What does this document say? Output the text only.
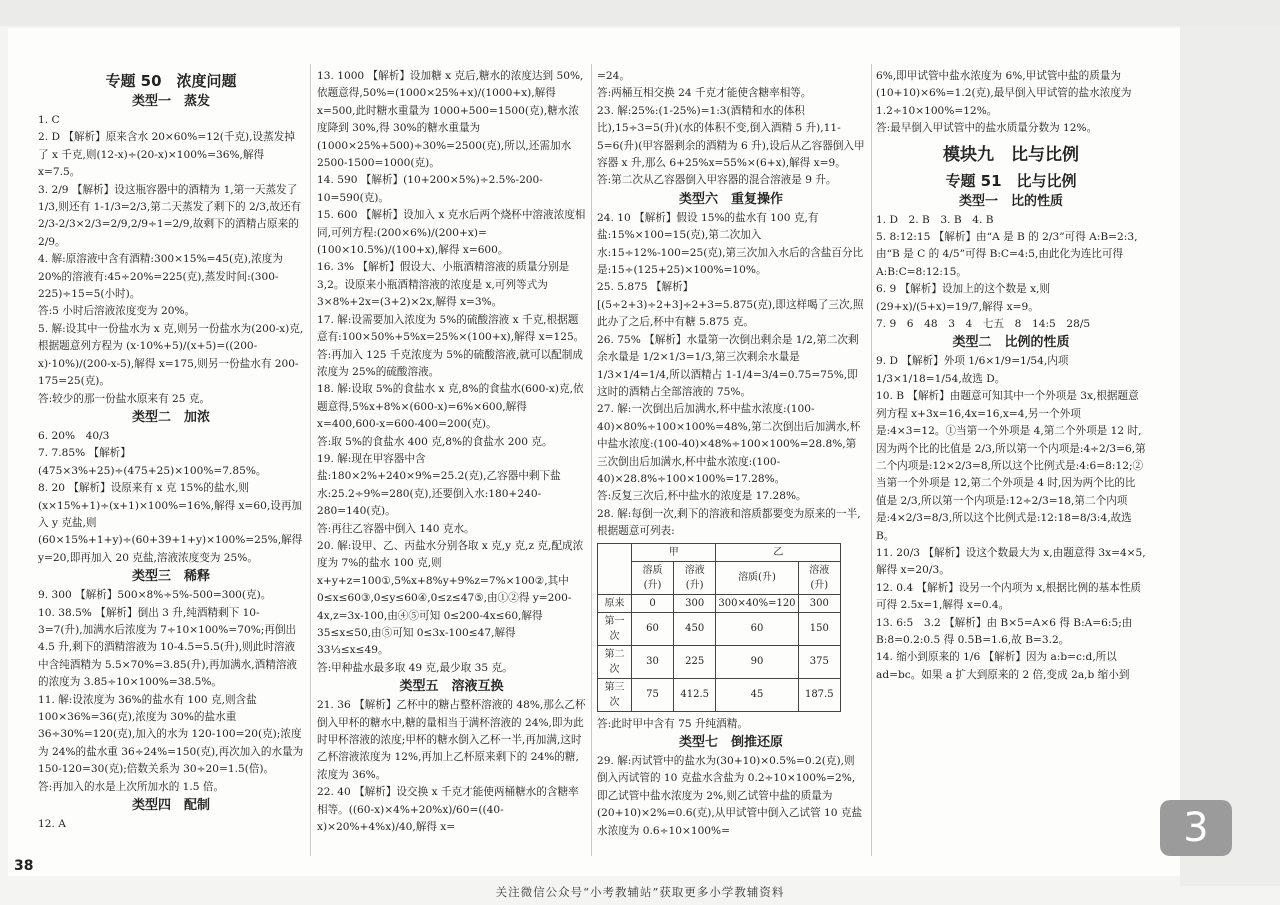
专题 50　浓度问题
类型一　蒸发

1. C

2. D 【解析】原来含水 20×60%=12(千克),设蒸发掉了 x 千克,则(12-x)÷(20-x)×100%=36%,解得 x=7.5。

3. 2/9 【解析】设这瓶容器中的酒精为 1,第一天蒸发了 1/3,则还有 1-1/3=2/3,第二天蒸发了剩下的 2/3,故还有 2/3-2/3×2/3=2/9,2/9÷1=2/9,故剩下的酒精占原来的 2/9。

4. 解:原溶液中含有酒精:300×15%=45(克),浓度为 20%的溶液有:45÷20%=225(克),蒸发时间:(300-225)÷15=5(小时)。

答:5 小时后溶液浓度变为 20%。

5. 解:设其中一份盐水为 x 克,则另一份盐水为(200-x)克,根据题意列方程为 (x·10%+5)/(x+5)=((200-x)·10%)/(200-x-5),解得 x=175,则另一份盐水有 200-175=25(克)。

答:较少的那一份盐水原来有 25 克。

类型二　加浓

6. 20%　40/3

7. 7.85% 【解析】(475×3%+25)÷(475+25)×100%=7.85%。

8. 20 【解析】设原来有 x 克 15%的盐水,则(x×15%+1)÷(x+1)×100%=16%,解得 x=60,设再加入 y 克盐,则(60×15%+1+y)÷(60+39+1+y)×100%=25%,解得 y=20,即再加入 20 克盐,溶液浓度变为 25%。

类型三　稀释

9. 300 【解析】500×8%÷5%-500=300(克)。

10. 38.5% 【解析】倒出 3 升,纯酒精剩下 10-3=7(升),加满水后浓度为 7÷10×100%=70%;再倒出 4.5 升,剩下的酒精溶液为 10-4.5=5.5(升),则此时溶液中含纯酒精为 5.5×70%=3.85(升),再加满水,酒精溶液的浓度为 3.85÷10×100%=38.5%。

11. 解:设浓度为 36%的盐水有 100 克,则含盐 100×36%=36(克),浓度为 30%的盐水重 36÷30%=120(克),加入的水为 120-100=20(克);浓度为 24%的盐水重 36÷24%=150(克),再次加入的水量为 150-120=30(克);倍数关系为 30÷20=1.5(倍)。

答:再加入的水是上次所加水的 1.5 倍。

类型四　配制

12. A

13. 1000 【解析】设加糖 x 克后,糖水的浓度达到 50%,依题意得,50%=(1000×25%+x)/(1000+x),解得 x=500,此时糖水重量为 1000+500=1500(克),糖水浓度降到 30%,得 30%的糖水重量为(1000×25%+500)÷30%=2500(克),所以,还需加水 2500-1500=1000(克)。

14. 590 【解析】(10+200×5%)÷2.5%-200-10=590(克)。

15. 600 【解析】设加入 x 克水后两个烧杯中溶液浓度相同,可列方程:(200×6%)/(200+x)=(100×10.5%)/(100+x),解得 x=600。

16. 3% 【解析】假设大、小瓶酒精溶液的质量分别是 3,2。设原来小瓶酒精溶液的浓度是 x,可列等式为 3×8%+2x=(3+2)×2x,解得 x=3%。

17. 解:设需要加入浓度为 5%的硫酸溶液 x 千克,根据题意有:100×50%+5%x=25%×(100+x),解得 x=125。

答:再加入 125 千克浓度为 5%的硫酸溶液,就可以配制成浓度为 25%的硫酸溶液。

18. 解:设取 5%的食盐水 x 克,8%的食盐水(600-x)克,依题意得,5%x+8%×(600-x)=6%×600,解得 x=400,600-x=600-400=200(克)。

答:取 5%的食盐水 400 克,8%的食盐水 200 克。

19. 解:现在甲容器中含盐:180×2%+240×9%=25.2(克),乙容器中剩下盐水:25.2÷9%=280(克),还要倒入水:180+240-280=140(克)。

答:再往乙容器中倒入 140 克水。

20. 解:设甲、乙、丙盐水分别各取 x 克,y 克,z 克,配成浓度为 7%的盐水 100 克,则 x+y+z=100①,5%x+8%y+9%z=7%×100②,其中 0≤x≤60③,0≤y≤60④,0≤z≤47⑤,由①②得 y=200-4x,z=3x-100,由④⑤可知 0≤200-4x≤60,解得 35≤x≤50,由⑤可知 0≤3x-100≤47,解得 33⅓≤x≤49。

答:甲种盐水最多取 49 克,最少取 35 克。

类型五　溶液互换

21. 36 【解析】乙杯中的糖占整杯溶液的 48%,那么乙杯倒入甲杯的糖水中,糖的量相当于满杯溶液的 24%,即为此时甲杯溶液的浓度;甲杯的糖水倒入乙杯一半,再加满,这时乙杯溶液浓度为 12%,再加上乙杯原来剩下的 24%的糖,浓度为 36%。

22. 40 【解析】设交换 x 千克才能使两桶糖水的含糖率相等。((60-x)×4%+20%x)/60=((40-x)×20%+4%x)/40,解得 x=

=24。

答:两桶互相交换 24 千克才能使含糖率相等。

23. 解:25%:(1-25%)=1:3(酒精和水的体积比),15÷3=5(升)(水的体积不变,倒入酒精 5 升),11-5=6(升)(甲容器剩余的酒精为 6 升),设后从乙容器倒入甲容器 x 升,那么 6+25%x=55%×(6+x),解得 x=9。

答:第二次从乙容器倒入甲容器的混合溶液是 9 升。

类型六　重复操作

24. 10 【解析】假设 15%的盐水有 100 克,有盐:15%×100=15(克),第二次加入水:15÷12%-100=25(克),第三次加入水后的含盐百分比是:15÷(125+25)×100%=10%。

25. 5.875 【解析】[(5÷2+3)÷2+3]÷2+3=5.875(克),即这样喝了三次,照此办了之后,杯中有糖 5.875 克。

26. 75% 【解析】水量第一次倒出剩余是 1/2,第二次剩余水量是 1/2×1/3=1/3,第三次剩余水量是 1/3×1/4=1/4,所以酒精占 1-1/4=3/4=0.75=75%,即这时的酒精占全部溶液的 75%。

27. 解:一次倒出后加满水,杯中盐水浓度:(100-40)×80%÷100×100%=48%,第二次倒出后加满水,杯中盐水浓度:(100-40)×48%÷100×100%=28.8%,第三次倒出后加满水,杯中盐水浓度:(100-40)×28.8%÷100×100%=17.28%。

答:反复三次后,杯中盐水的浓度是 17.28%。

28. 解:每倒一次,剩下的溶液和溶质都要变为原来的一半,根据题意可列表:

	甲		乙	
	溶质(升)	溶液(升)	溶质(升)	溶液(升)
原来	0	300	300×40%=120	300
第一次	60	450	60	150
第二次	30	225	90	375
第三次	75	412.5	45	187.5

答:此时甲中含有 75 升纯酒精。

类型七　倒推还原

29. 解:丙试管中的盐水为(30+10)×0.5%=0.2(克),则倒入丙试管的 10 克盐水含盐为 0.2÷10×100%=2%,即乙试管中盐水浓度为 2%,则乙试管中盐的质量为(20+10)×2%=0.6(克),从甲试管中倒入乙试管 10 克盐水浓度为 0.6÷10×100%=

6%,即甲试管中盐水浓度为 6%,甲试管中盐的质量为(10+10)×6%=1.2(克),最早倒入甲试管的盐水浓度为 1.2÷10×100%=12%。

答:最早倒入甲试管中的盐水质量分数为 12%。

模块九　比与比例
专题 51　比与比例
类型一　比的性质

1. D　2. B　3. B　4. B

5. 8:12:15 【解析】由“A 是 B 的 2/3”可得 A:B=2:3,由“B 是 C 的 4/5”可得 B:C=4:5,由此化为连比可得 A:B:C=8:12:15。

6. 9 【解析】设加上的这个数是 x,则 (29+x)/(5+x)=19/7,解得 x=9。

7. 9　6　48　3　4　七五　8　14:5　28/5

类型二　比例的性质

9. D 【解析】外项 1/6×1/9=1/54,内项 1/3×1/18=1/54,故选 D。

10. B 【解析】由题意可知其中一个外项是 3x,根据题意列方程 x+3x=16,4x=16,x=4,另一个外项是:4×3=12。①当第一个外项是 4,第二个外项是 12 时,因为两个比的比值是 2/3,所以第一个内项是:4÷2/3=6,第二个内项是:12×2/3=8,所以这个比例式是:4:6=8:12;②当第一个外项是 12,第二个外项是 4 时,因为两个比的比值是 2/3,所以第一个内项是:12÷2/3=18,第二个内项是:4×2/3=8/3,所以这个比例式是:12:18=8/3:4,故选 B。

11. 20/3 【解析】设这个数最大为 x,由题意得 3x=4×5,解得 x=20/3。

12. 0.4 【解析】设另一个内项为 x,根据比例的基本性质可得 2.5x=1,解得 x=0.4。

13. 6:5　3.2 【解析】由 B×5=A×6 得 B:A=6:5;由 B:8=0.2:0.5 得 0.5B=1.6,故 B=3.2。

14. 缩小到原来的 1/6 【解析】因为 a:b=c:d,所以 ad=bc。如果 a 扩大到原来的 2 倍,变成 2a,b 缩小到

38
3
关注微信公众号“小考教辅站”获取更多小学教辅资料
